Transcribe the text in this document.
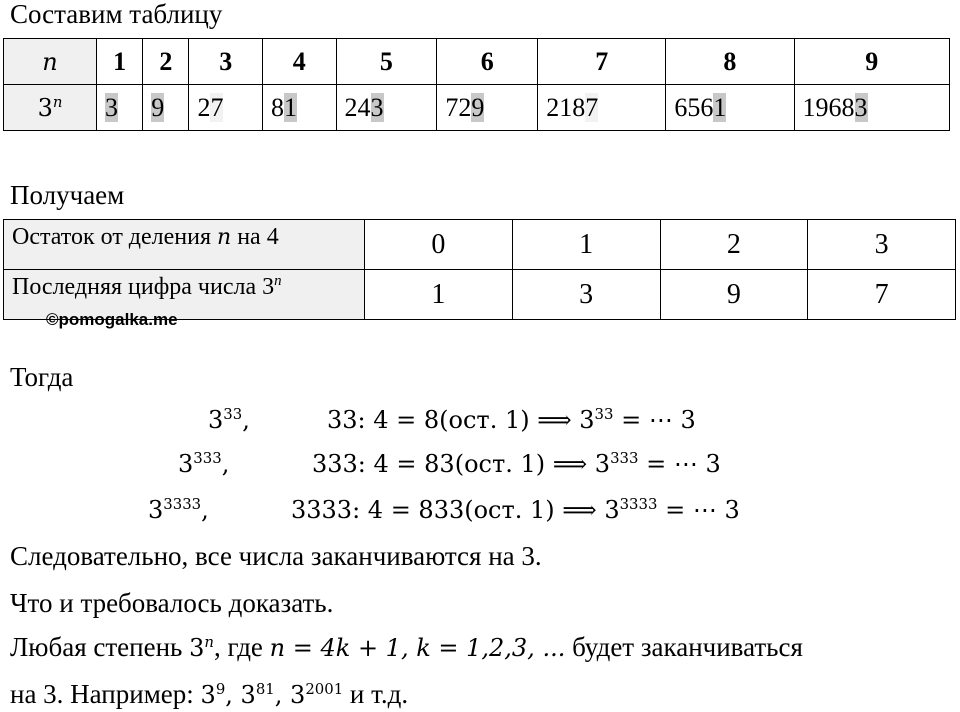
Составим таблицу
n	1	2	3	4	5	6	7	8	9
3$^n$	3	9	27	81	243	729	2187	6561	19683
Получаем
Остаток от деления n на 4	0	1	2	3
Последняя цифра числа 3$^n$	1	3	9	7
©pomogalka.me
Тогда
$3^{33}$,	33: 4 = 8(ост. 1) ⟹ $3^{33}$ = ⋯ 3
$3^{333}$,	333: 4 = 83(ост. 1) ⟹ $3^{333}$ = ⋯ 3
$3^{3333}$,	3333: 4 = 833(ост. 1) ⟹ $3^{3333}$ = ⋯ 3
Следовательно, все числа заканчиваются на 3.
Что и требовалось доказать.
Любая степень 3$^n$, где n = 4k + 1, k = 1,2,3, ... будет заканчиваться
на 3. Например: $3^9$, $3^{81}$, $3^{2001}$ и т.д.
